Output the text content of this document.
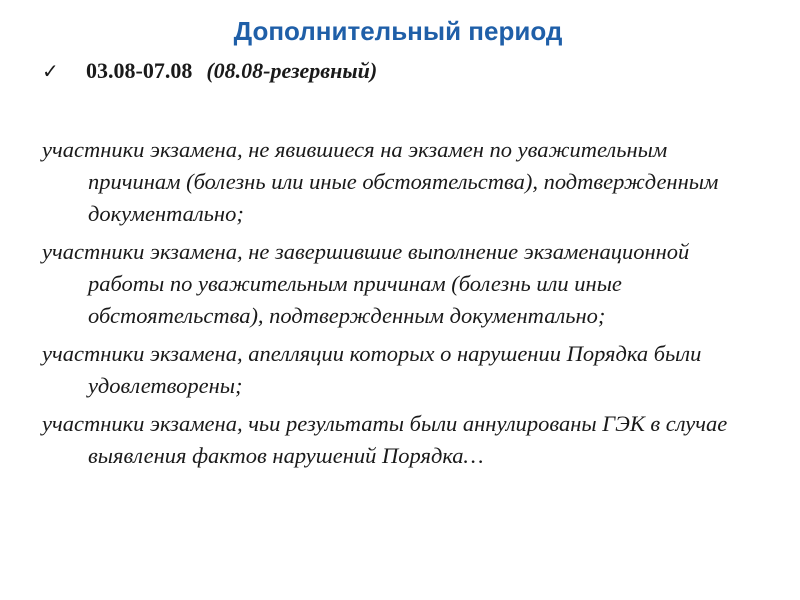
Дополнительный период
✓	03.08-07.08 (08.08-резервный)
участники экзамена, не явившиеся на экзамен по уважительным причинам (болезнь или иные обстоятельства), подтвержденным документально;
участники экзамена, не завершившие выполнение экзаменационной работы по уважительным причинам (болезнь или иные обстоятельства), подтвержденным документально;
участники экзамена, апелляции которых о нарушении Порядка были удовлетворены;
участники экзамена, чьи результаты были аннулированы ГЭК в случае выявления фактов нарушений Порядка…
